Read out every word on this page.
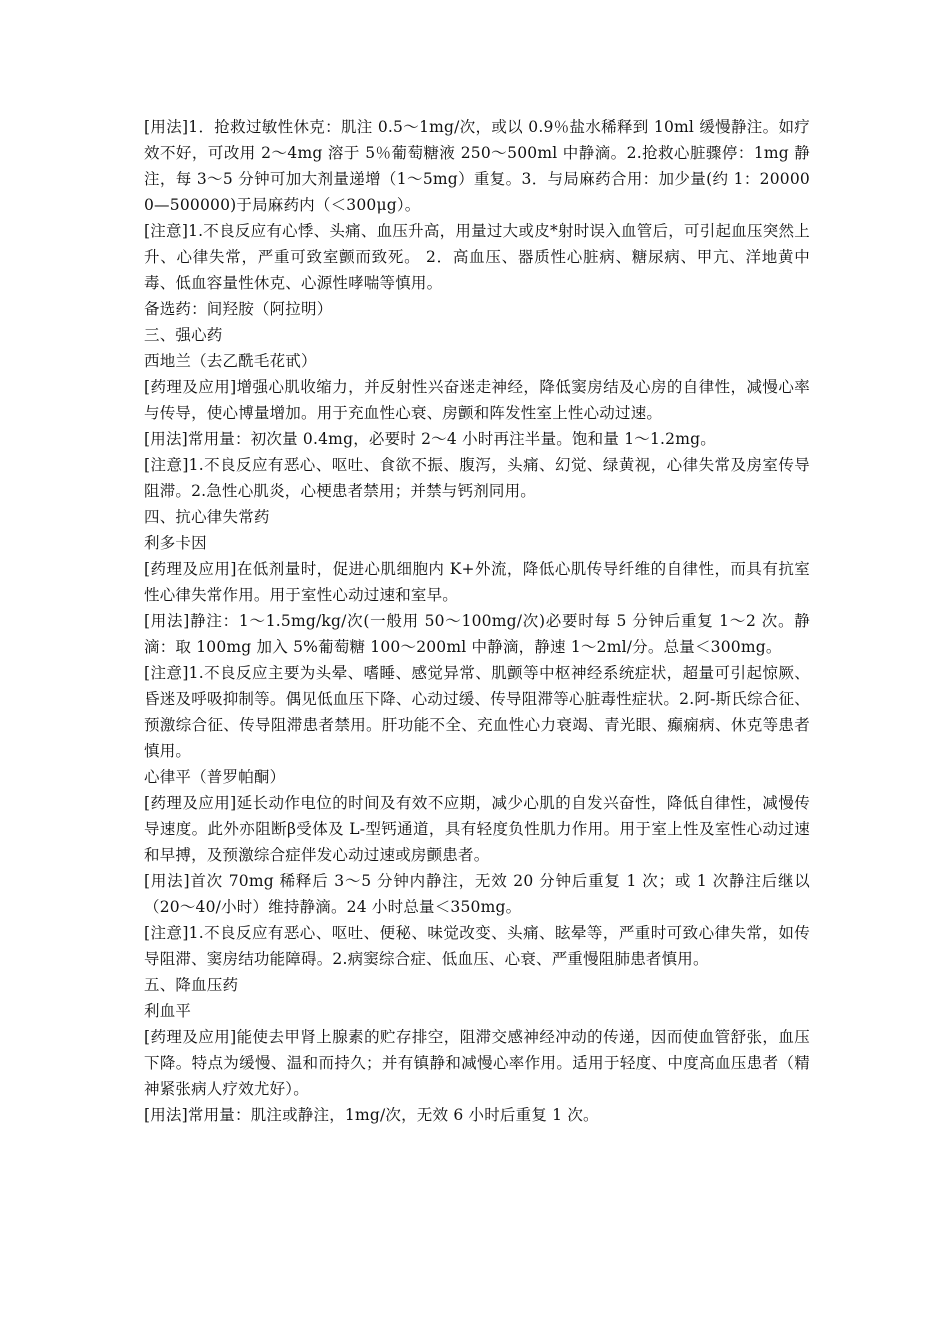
[用法]1．抢救过敏性休克：肌注 0.5～1mg/次，或以 0.9％盐水稀释到 10ml 缓慢静注。如疗效不好，可改用 2～4mg 溶于 5％葡萄糖液 250～500ml 中静滴。2.抢救心脏骤停：1mg 静注，每 3～5 分钟可加大剂量递增（1～5mg）重复。3．与局麻药合用：加少量(约 1：200000—500000)于局麻药内（＜300μg）。

[注意]1.不良反应有心悸、头痛、血压升高，用量过大或皮*射时误入血管后，可引起血压突然上升、心律失常，严重可致室颤而致死。 2．高血压、器质性心脏病、糖尿病、甲亢、洋地黄中毒、低血容量性休克、心源性哮喘等慎用。

备选药：间羟胺（阿拉明）

三、强心药

西地兰（去乙酰毛花甙）

[药理及应用]增强心肌收缩力，并反射性兴奋迷走神经，降低窦房结及心房的自律性，减慢心率与传导，使心博量增加。用于充血性心衰、房颤和阵发性室上性心动过速。

[用法]常用量：初次量 0.4mg，必要时 2～4 小时再注半量。饱和量 1～1.2mg。

[注意]1.不良反应有恶心、呕吐、食欲不振、腹泻，头痛、幻觉、绿黄视，心律失常及房室传导阻滞。2.急性心肌炎，心梗患者禁用；并禁与钙剂同用。

四、抗心律失常药

利多卡因

[药理及应用]在低剂量时，促进心肌细胞内 K+外流，降低心肌传导纤维的自律性，而具有抗室性心律失常作用。用于室性心动过速和室早。

[用法]静注：1～1.5mg/kg/次(一般用 50～100mg/次)必要时每 5 分钟后重复 1～2 次。静滴：取 100mg 加入 5%葡萄糖 100～200ml 中静滴，静速 1～2ml/分。总量＜300mg。

[注意]1.不良反应主要为头晕、嗜睡、感觉异常、肌颤等中枢神经系统症状，超量可引起惊厥、昏迷及呼吸抑制等。偶见低血压下降、心动过缓、传导阻滞等心脏毒性症状。2.阿-斯氏综合征、预激综合征、传导阻滞患者禁用。肝功能不全、充血性心力衰竭、青光眼、癫痫病、休克等患者慎用。

心律平（普罗帕酮）

[药理及应用]延长动作电位的时间及有效不应期，减少心肌的自发兴奋性，降低自律性，减慢传导速度。此外亦阻断β受体及 L-型钙通道，具有轻度负性肌力作用。用于室上性及室性心动过速和早搏，及预激综合症伴发心动过速或房颤患者。

[用法]首次 70mg 稀释后 3～5 分钟内静注，无效 20 分钟后重复 1 次；或 1 次静注后继以（20～40/小时）维持静滴。24 小时总量＜350mg。

[注意]1.不良反应有恶心、呕吐、便秘、味觉改变、头痛、眩晕等，严重时可致心律失常，如传导阻滞、窦房结功能障碍。2.病窦综合症、低血压、心衰、严重慢阻肺患者慎用。

五、降血压药

利血平

[药理及应用]能使去甲肾上腺素的贮存排空，阻滞交感神经冲动的传递，因而使血管舒张，血压下降。特点为缓慢、温和而持久；并有镇静和减慢心率作用。适用于轻度、中度高血压患者（精神紧张病人疗效尤好）。

[用法]常用量：肌注或静注，1mg/次，无效 6 小时后重复 1 次。
